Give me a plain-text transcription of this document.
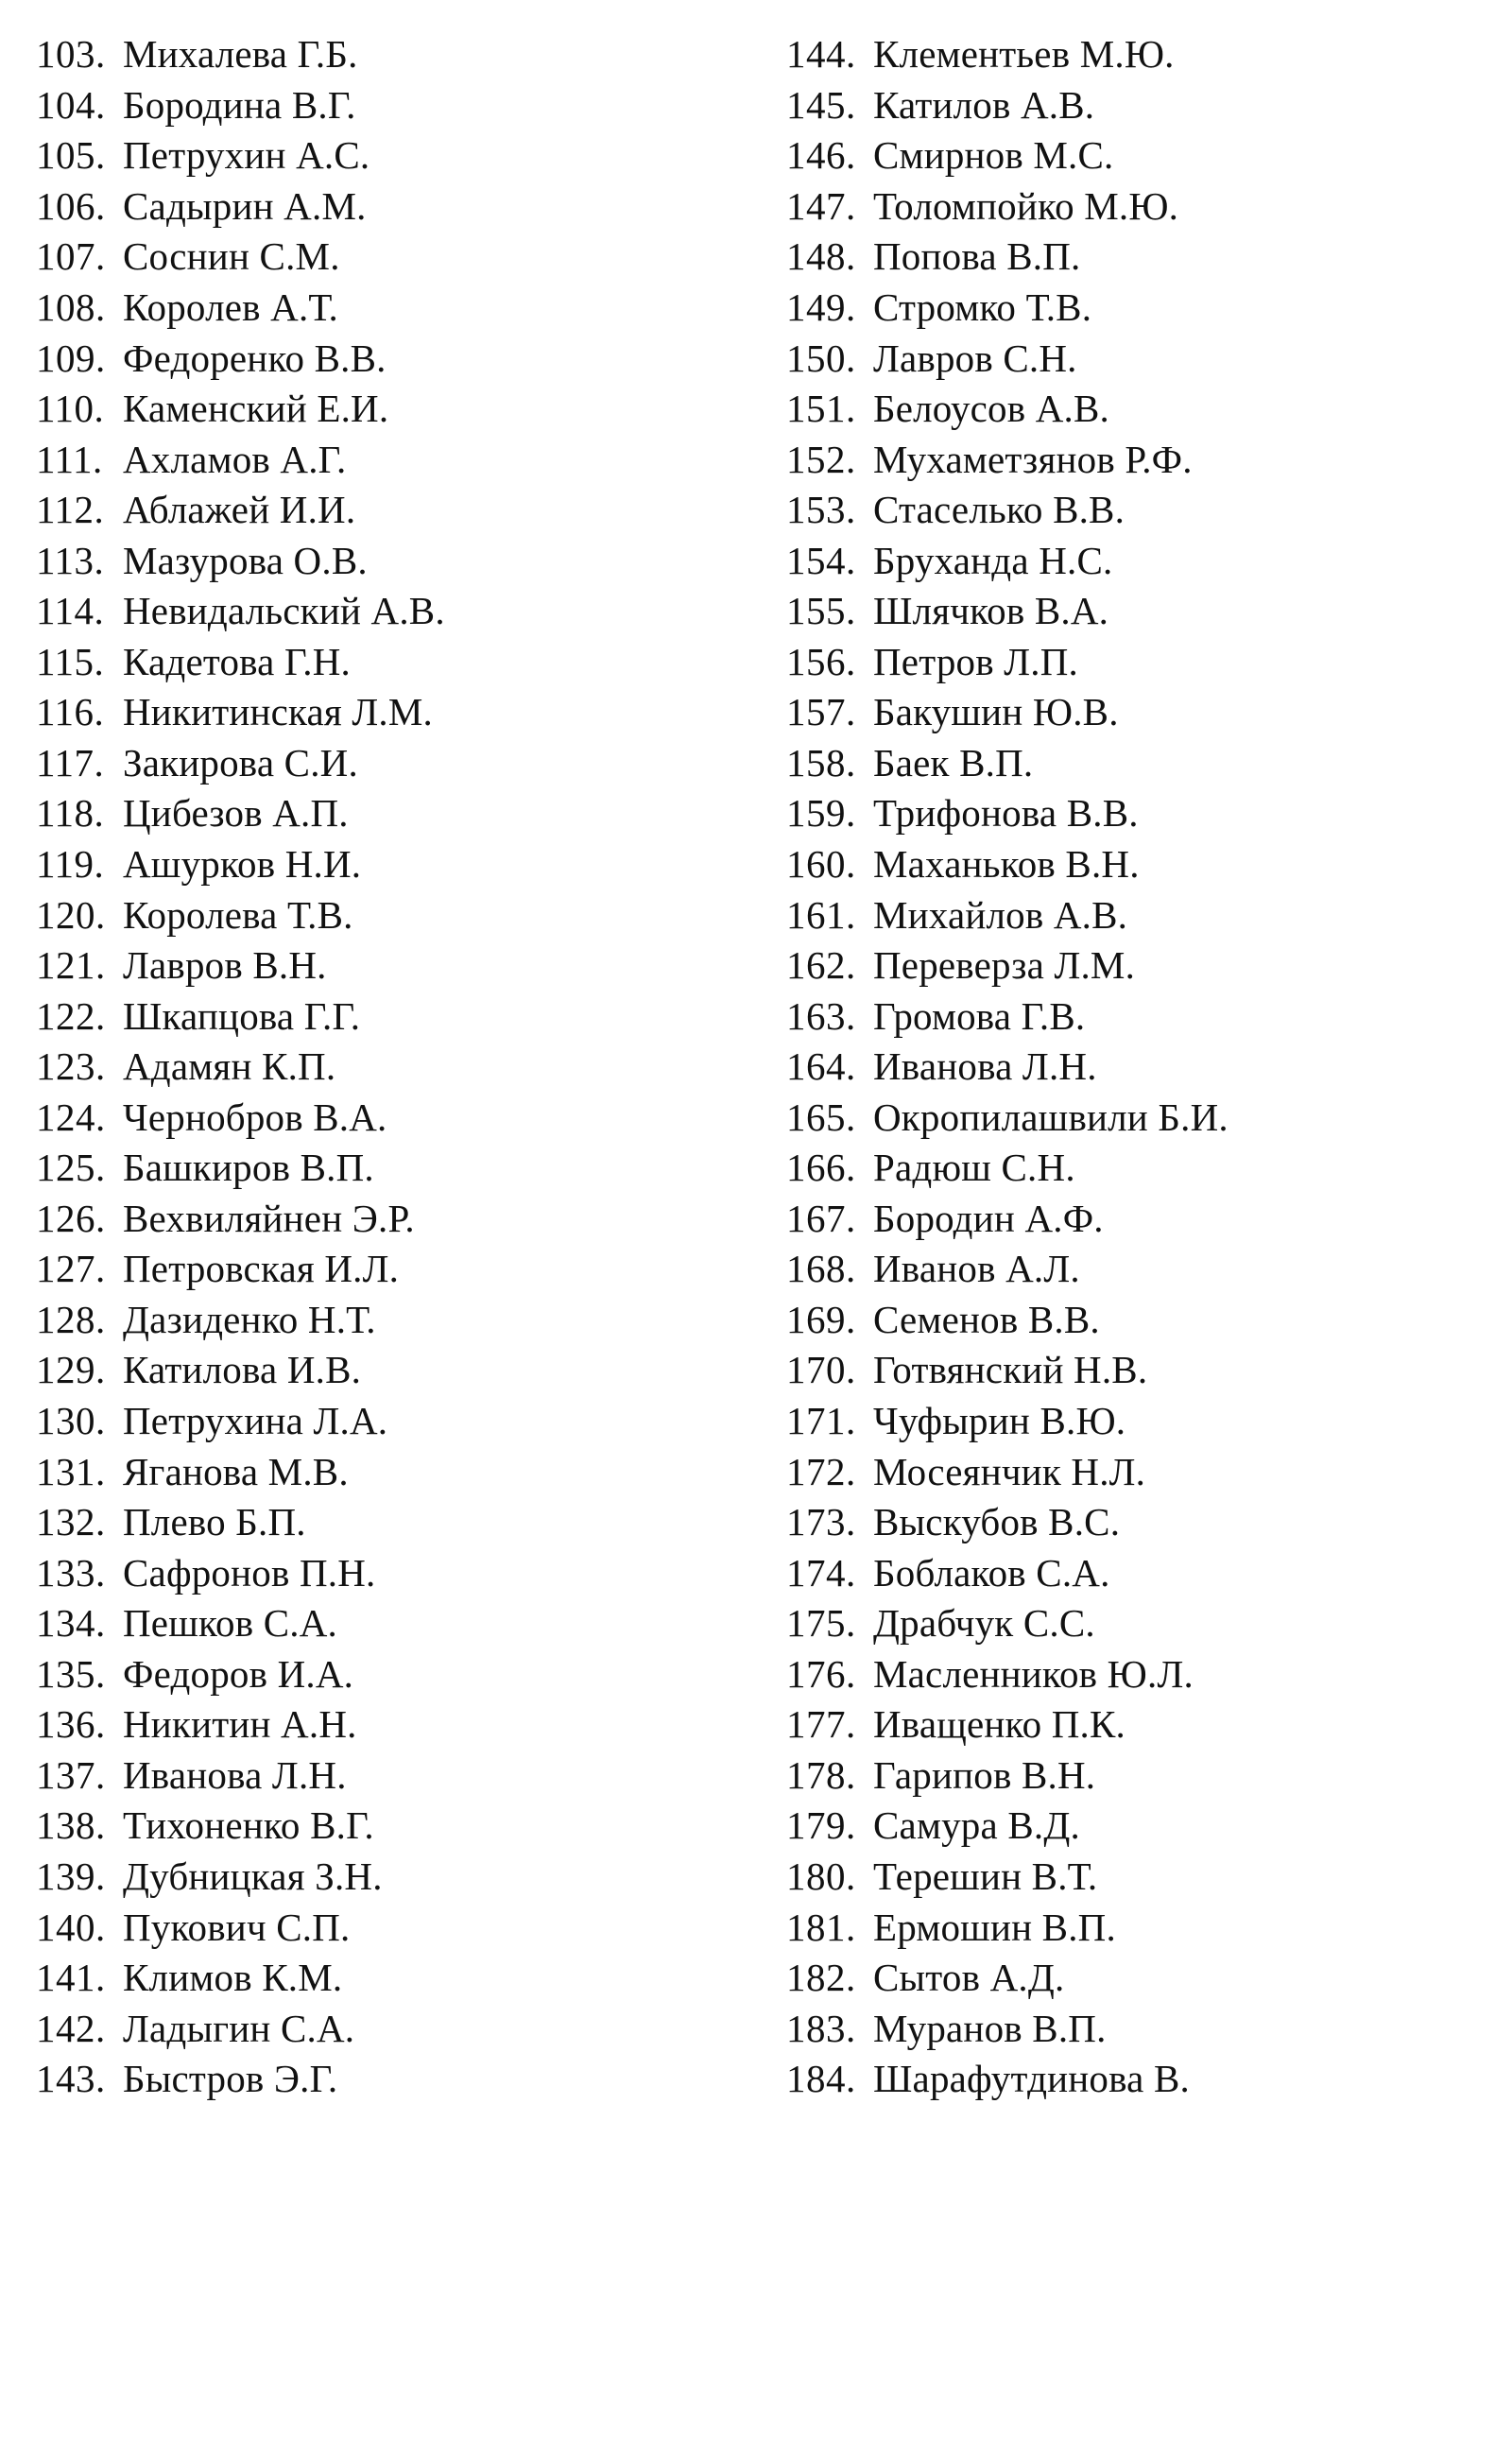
103. Михалева Г.Б.
104. Бородина В.Г.
105. Петрухин А.С.
106. Садырин А.М.
107. Соснин С.М.
108. Королев А.Т.
109. Федоренко В.В.
110. Каменский Е.И.
111. Ахламов А.Г.
112. Аблажей И.И.
113. Мазурова О.В.
114. Невидальский А.В.
115. Кадетова Г.Н.
116. Никитинская Л.М.
117. Закирова С.И.
118. Цибезов А.П.
119. Ашурков Н.И.
120. Королева Т.В.
121. Лавров В.Н.
122. Шкапцова Г.Г.
123. Адамян К.П.
124. Чернобров В.А.
125. Башкиров В.П.
126. Вехвиляйнен Э.Р.
127. Петровская И.Л.
128. Дазиденко Н.Т.
129. Катилова И.В.
130. Петрухина Л.А.
131. Яганова М.В.
132. Плево Б.П.
133. Сафронов П.Н.
134. Пешков С.А.
135. Федоров И.А.
136. Никитин А.Н.
137. Иванова Л.Н.
138. Тихоненко В.Г.
139. Дубницкая З.Н.
140. Пукович С.П.
141. Климов К.М.
142. Ладыгин С.А.
143. Быстров Э.Г.
144. Клементьев М.Ю.
145. Катилов А.В.
146. Смирнов М.С.
147. Толомпойко М.Ю.
148. Попова В.П.
149. Стромко Т.В.
150. Лавров С.Н.
151. Белоусов А.В.
152. Мухаметзянов Р.Ф.
153. Стаселько В.В.
154. Бруханда Н.С.
155. Шлячков В.А.
156. Петров Л.П.
157. Бакушин Ю.В.
158. Баек В.П.
159. Трифонова В.В.
160. Маханьков В.Н.
161. Михайлов А.В.
162. Переверза Л.М.
163. Громова Г.В.
164. Иванова Л.Н.
165. Окропилашвили Б.И.
166. Радюш С.Н.
167. Бородин А.Ф.
168. Иванов А.Л.
169. Семенов В.В.
170. Готвянский Н.В.
171. Чуфырин В.Ю.
172. Мосеянчик Н.Л.
173. Выскубов В.С.
174. Боблаков С.А.
175. Драбчук С.С.
176. Масленников Ю.Л.
177. Иващенко П.К.
178. Гарипов В.Н.
179. Самура В.Д.
180. Терешин В.Т.
181. Ермошин В.П.
182. Сытов А.Д.
183. Муранов В.П.
184. Шарафутдинова В.
